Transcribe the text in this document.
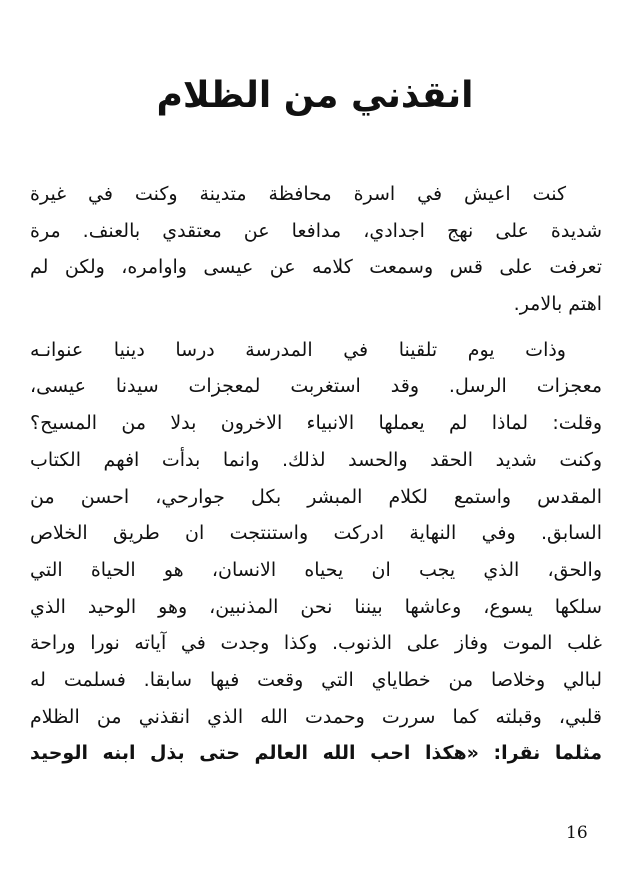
انقذني من الظلام

كنت اعيش في اسرة محافظة متدينة وكنت في غيرة
شديدة على نهج اجدادي، مدافعا عن معتقدي بالعنف. مرة
تعرفت على قس وسمعت كلامه عن عيسى واوامره، ولكن لم
اهتم بالامر.

وذات يوم تلقينا في المدرسة درسا دينيا عنوانـه
معجزات الرسل. وقد استغربت لمعجزات سيدنا عيسى،
وقلت: لماذا لم يعملها الانبياء الاخرون بدلا من المسيح؟
وكنت شديد الحقد والحسد لذلك. وانما بدأت افهم الكتاب
المقدس واستمع لكلام المبشر بكل جوارحي، احسن من
السابق. وفي النهاية ادركت واستنتجت ان طريق الخلاص
والحق، الذي يجب ان يحياه الانسان، هو الحياة التي
سلكها يسوع، وعاشها بيننا نحن المذنبين، وهو الوحيد الذي
غلب الموت وفاز على الذنوب. وكذا وجدت في آياته نورا وراحة
لبالي وخلاصا من خطاياي التي وقعت فيها سابقا. فسلمت له
قلبي، وقبلته كما سررت وحمدت الله الذي انقذني من الظلام
مثلما نقرا: «هكذا احب الله العالم حتى بذل ابنه الوحيد

16
